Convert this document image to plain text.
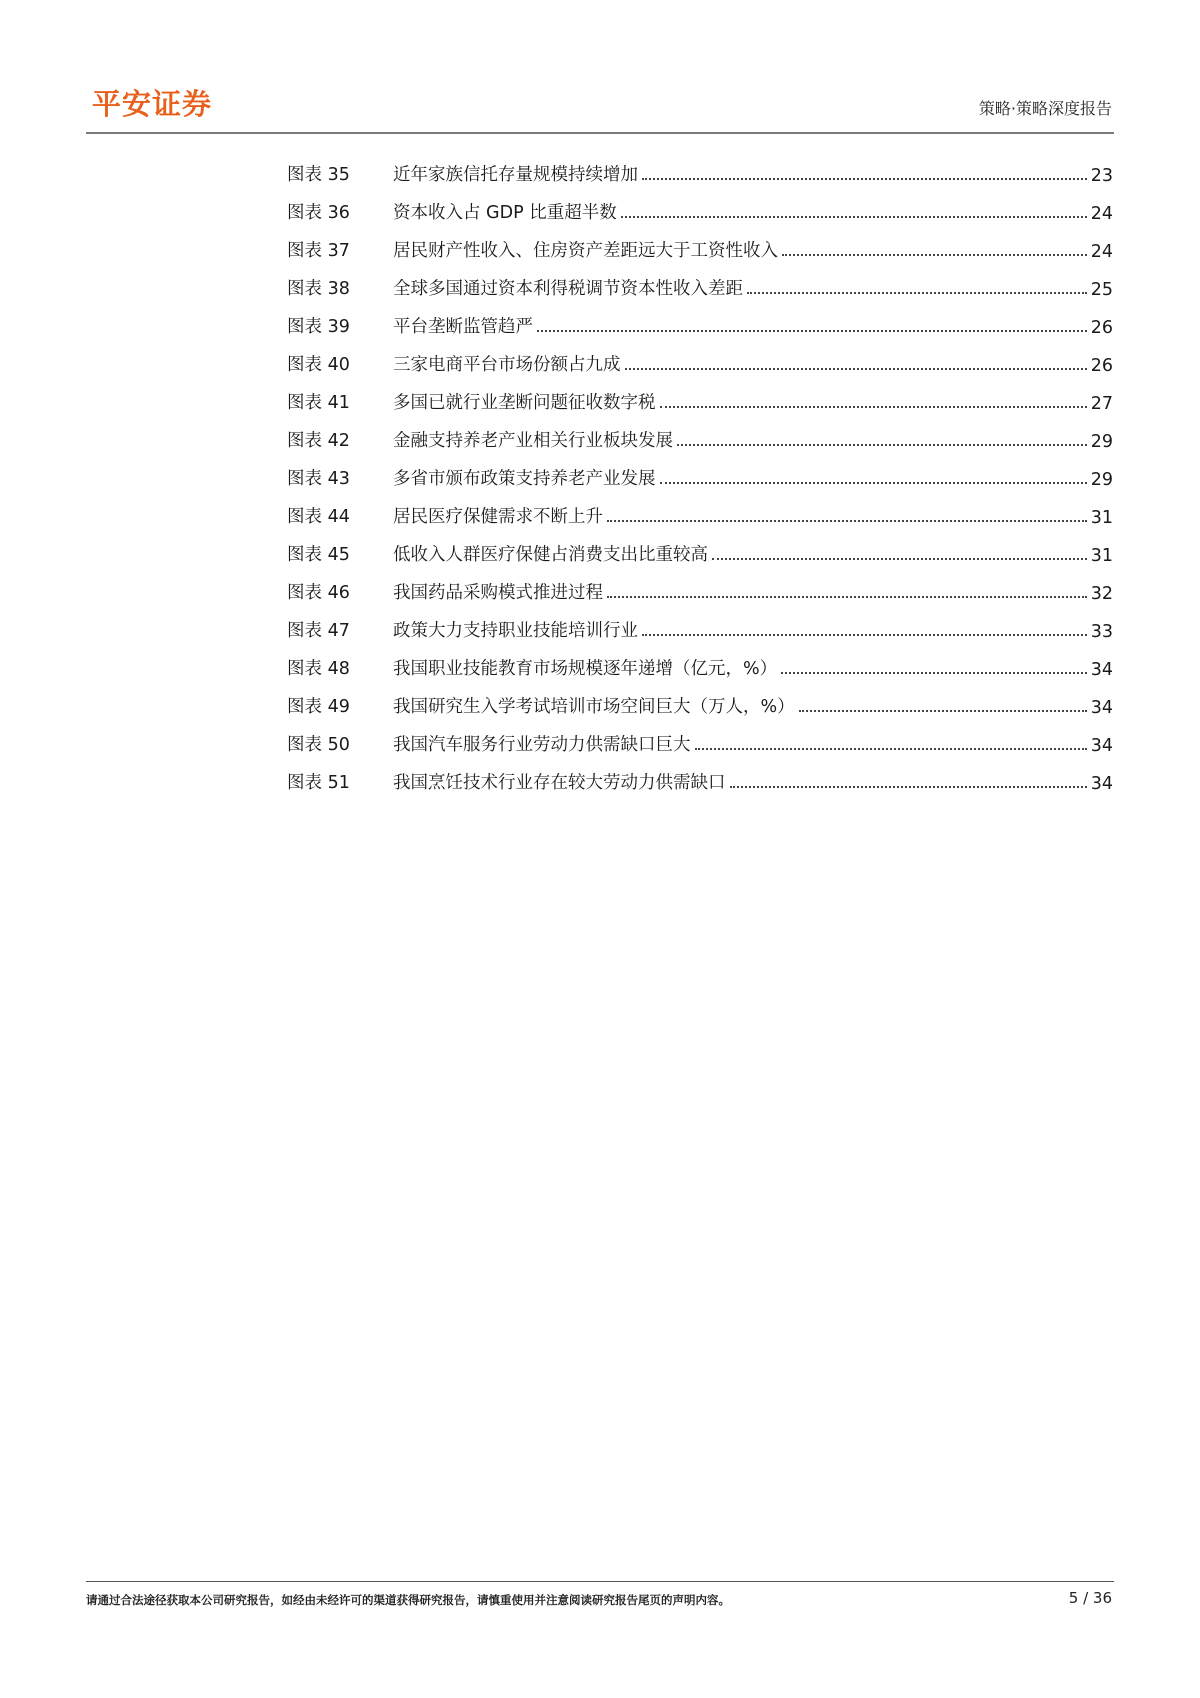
平安证券	策略·策略深度报告
图表 35	近年家族信托存量规模持续增加	23
图表 36	资本收入占 GDP 比重超半数	24
图表 37	居民财产性收入、住房资产差距远大于工资性收入	24
图表 38	全球多国通过资本利得税调节资本性收入差距	25
图表 39	平台垄断监管趋严	26
图表 40	三家电商平台市场份额占九成	26
图表 41	多国已就行业垄断问题征收数字税	27
图表 42	金融支持养老产业相关行业板块发展	29
图表 43	多省市颁布政策支持养老产业发展	29
图表 44	居民医疗保健需求不断上升	31
图表 45	低收入人群医疗保健占消费支出比重较高	31
图表 46	我国药品采购模式推进过程	32
图表 47	政策大力支持职业技能培训行业	33
图表 48	我国职业技能教育市场规模逐年递增（亿元，%）	34
图表 49	我国研究生入学考试培训市场空间巨大（万人，%）	34
图表 50	我国汽车服务行业劳动力供需缺口巨大	34
图表 51	我国烹饪技术行业存在较大劳动力供需缺口	34
请通过合法途径获取本公司研究报告，如经由未经许可的渠道获得研究报告，请慎重使用并注意阅读研究报告尾页的声明内容。	5 / 36
